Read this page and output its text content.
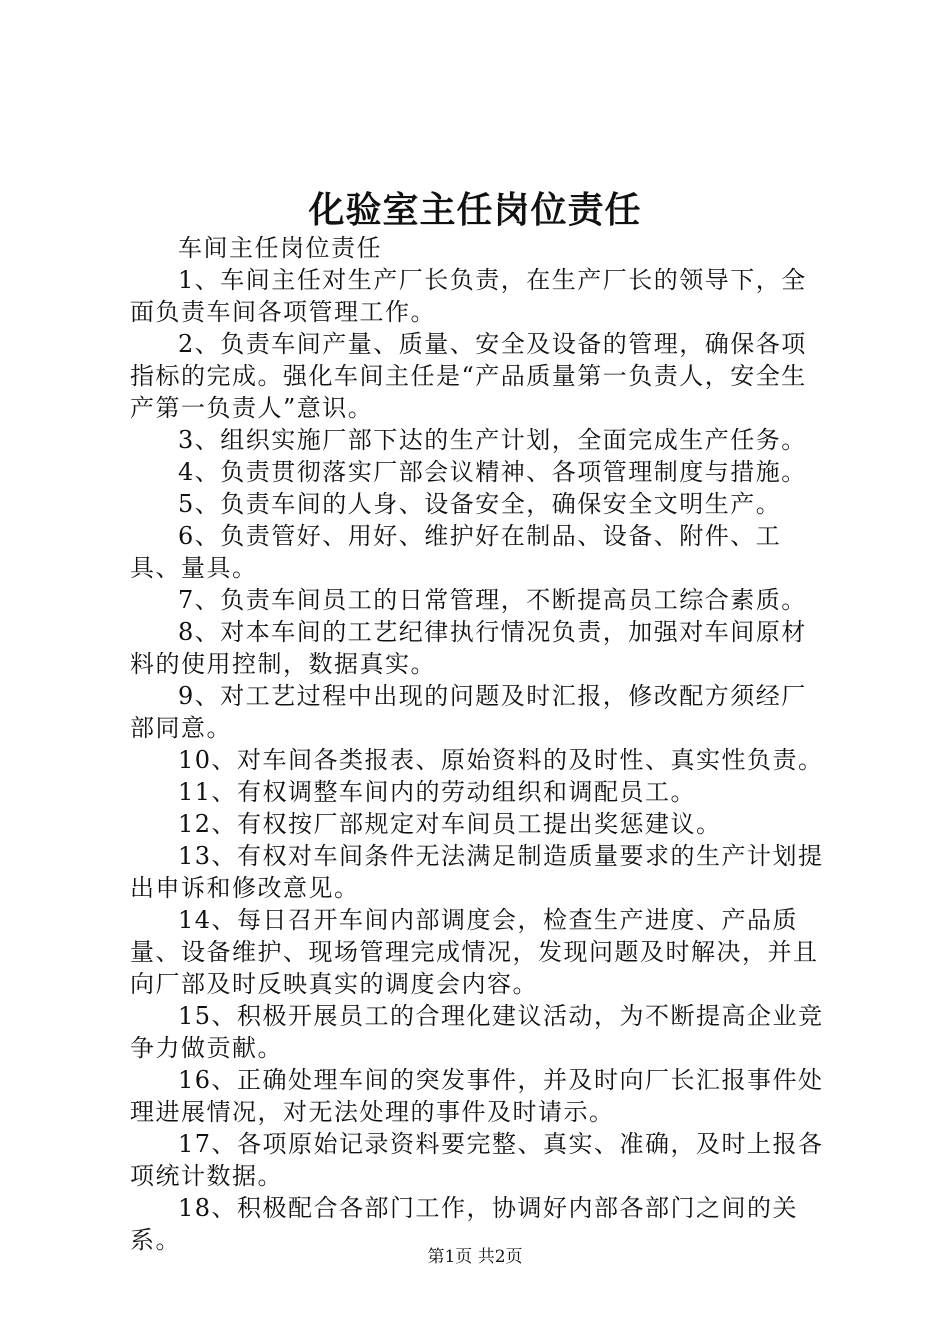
化验室主任岗位责任

车间主任岗位责任

1、车间主任对生产厂长负责，在生产厂长的领导下，全面负责车间各项管理工作。

2、负责车间产量、质量、安全及设备的管理，确保各项指标的完成。强化车间主任是“产品质量第一负责人，安全生产第一负责人”意识。

3、组织实施厂部下达的生产计划，全面完成生产任务。

4、负责贯彻落实厂部会议精神、各项管理制度与措施。

5、负责车间的人身、设备安全，确保安全文明生产。

6、负责管好、用好、维护好在制品、设备、附件、工具、量具。

7、负责车间员工的日常管理，不断提高员工综合素质。

8、对本车间的工艺纪律执行情况负责，加强对车间原材料的使用控制，数据真实。

9、对工艺过程中出现的问题及时汇报，修改配方须经厂部同意。

10、对车间各类报表、原始资料的及时性、真实性负责。

11、有权调整车间内的劳动组织和调配员工。

12、有权按厂部规定对车间员工提出奖惩建议。

13、有权对车间条件无法满足制造质量要求的生产计划提出申诉和修改意见。

14、每日召开车间内部调度会，检查生产进度、产品质量、设备维护、现场管理完成情况，发现问题及时解决，并且向厂部及时反映真实的调度会内容。

15、积极开展员工的合理化建议活动，为不断提高企业竞争力做贡献。

16、正确处理车间的突发事件，并及时向厂长汇报事件处理进展情况，对无法处理的事件及时请示。

17、各项原始记录资料要完整、真实、准确，及时上报各项统计数据。

18、积极配合各部门工作，协调好内部各部门之间的关系。

第1页 共2页
